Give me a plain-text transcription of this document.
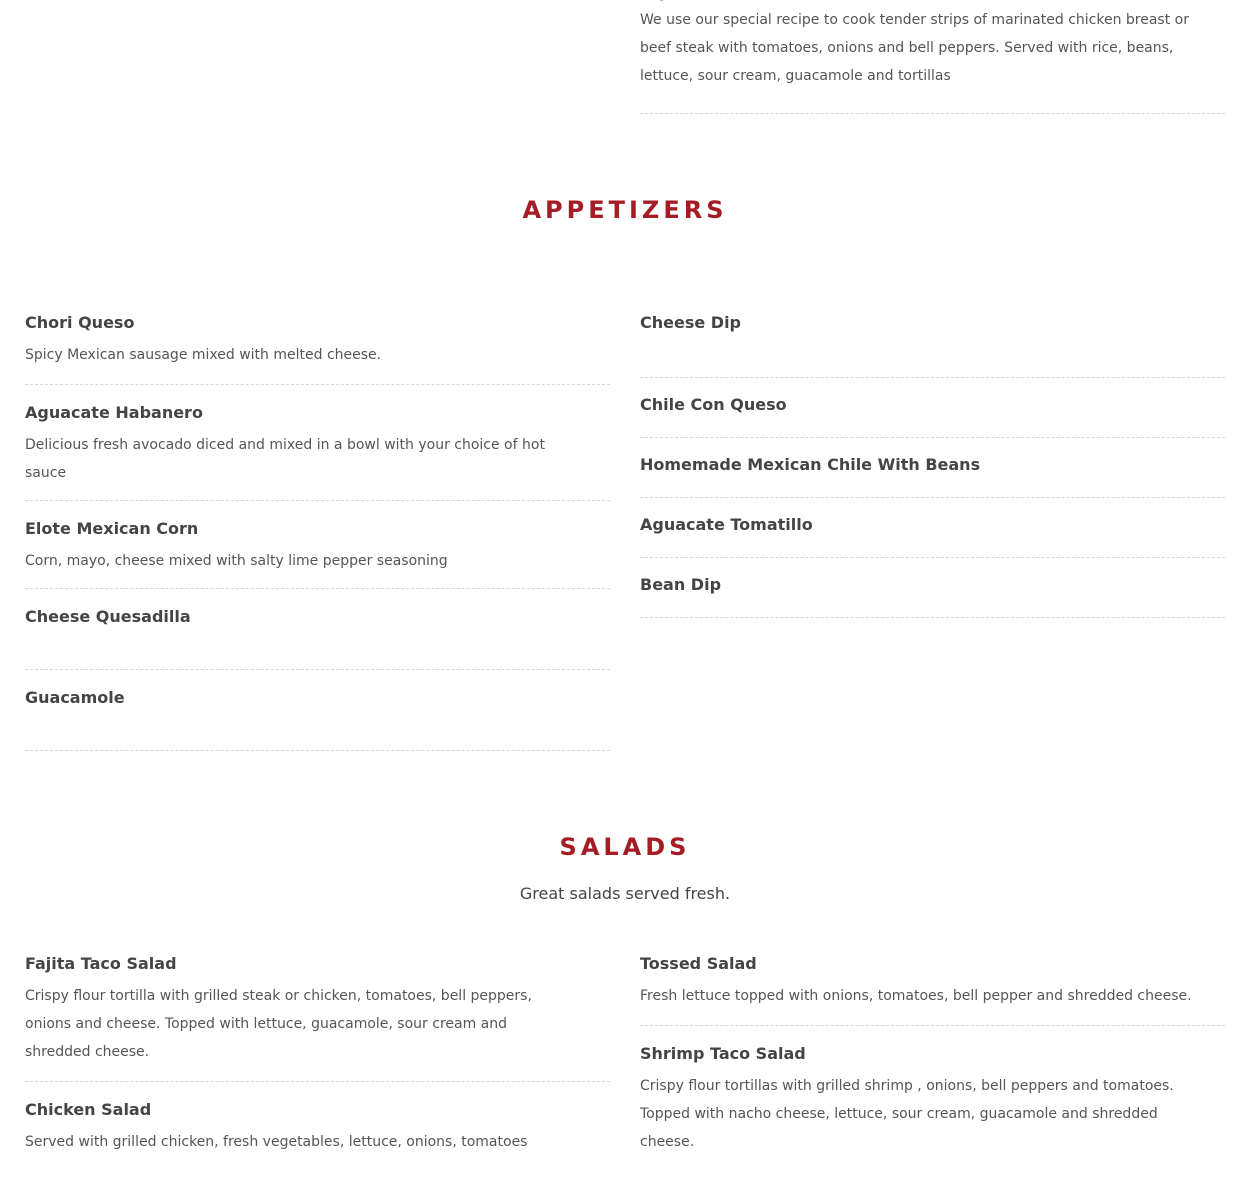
We use our special recipe to cook tender strips of marinated chicken breast or beef steak with tomatoes, onions and bell peppers. Served with rice, beans, lettuce, sour cream, guacamole and tortillas
APPETIZERS
Chori Queso
Spicy Mexican sausage mixed with melted cheese.
Aguacate Habanero
Delicious fresh avocado diced and mixed in a bowl with your choice of hot sauce
Elote Mexican Corn
Corn, mayo, cheese mixed with salty lime pepper seasoning
Cheese Quesadilla
Guacamole
Cheese Dip
Chile Con Queso
Homemade Mexican Chile With Beans
Aguacate Tomatillo
Bean Dip
SALADS
Great salads served fresh.
Fajita Taco Salad
Crispy flour tortilla with grilled steak or chicken, tomatoes, bell peppers, onions and cheese. Topped with lettuce, guacamole, sour cream and shredded cheese.
Chicken Salad
Served with grilled chicken, fresh vegetables, lettuce, onions, tomatoes
Tossed Salad
Fresh lettuce topped with onions, tomatoes, bell pepper and shredded cheese.
Shrimp Taco Salad
Crispy flour tortillas with grilled shrimp , onions, bell peppers and tomatoes. Topped with nacho cheese, lettuce, sour cream, guacamole and shredded cheese.
